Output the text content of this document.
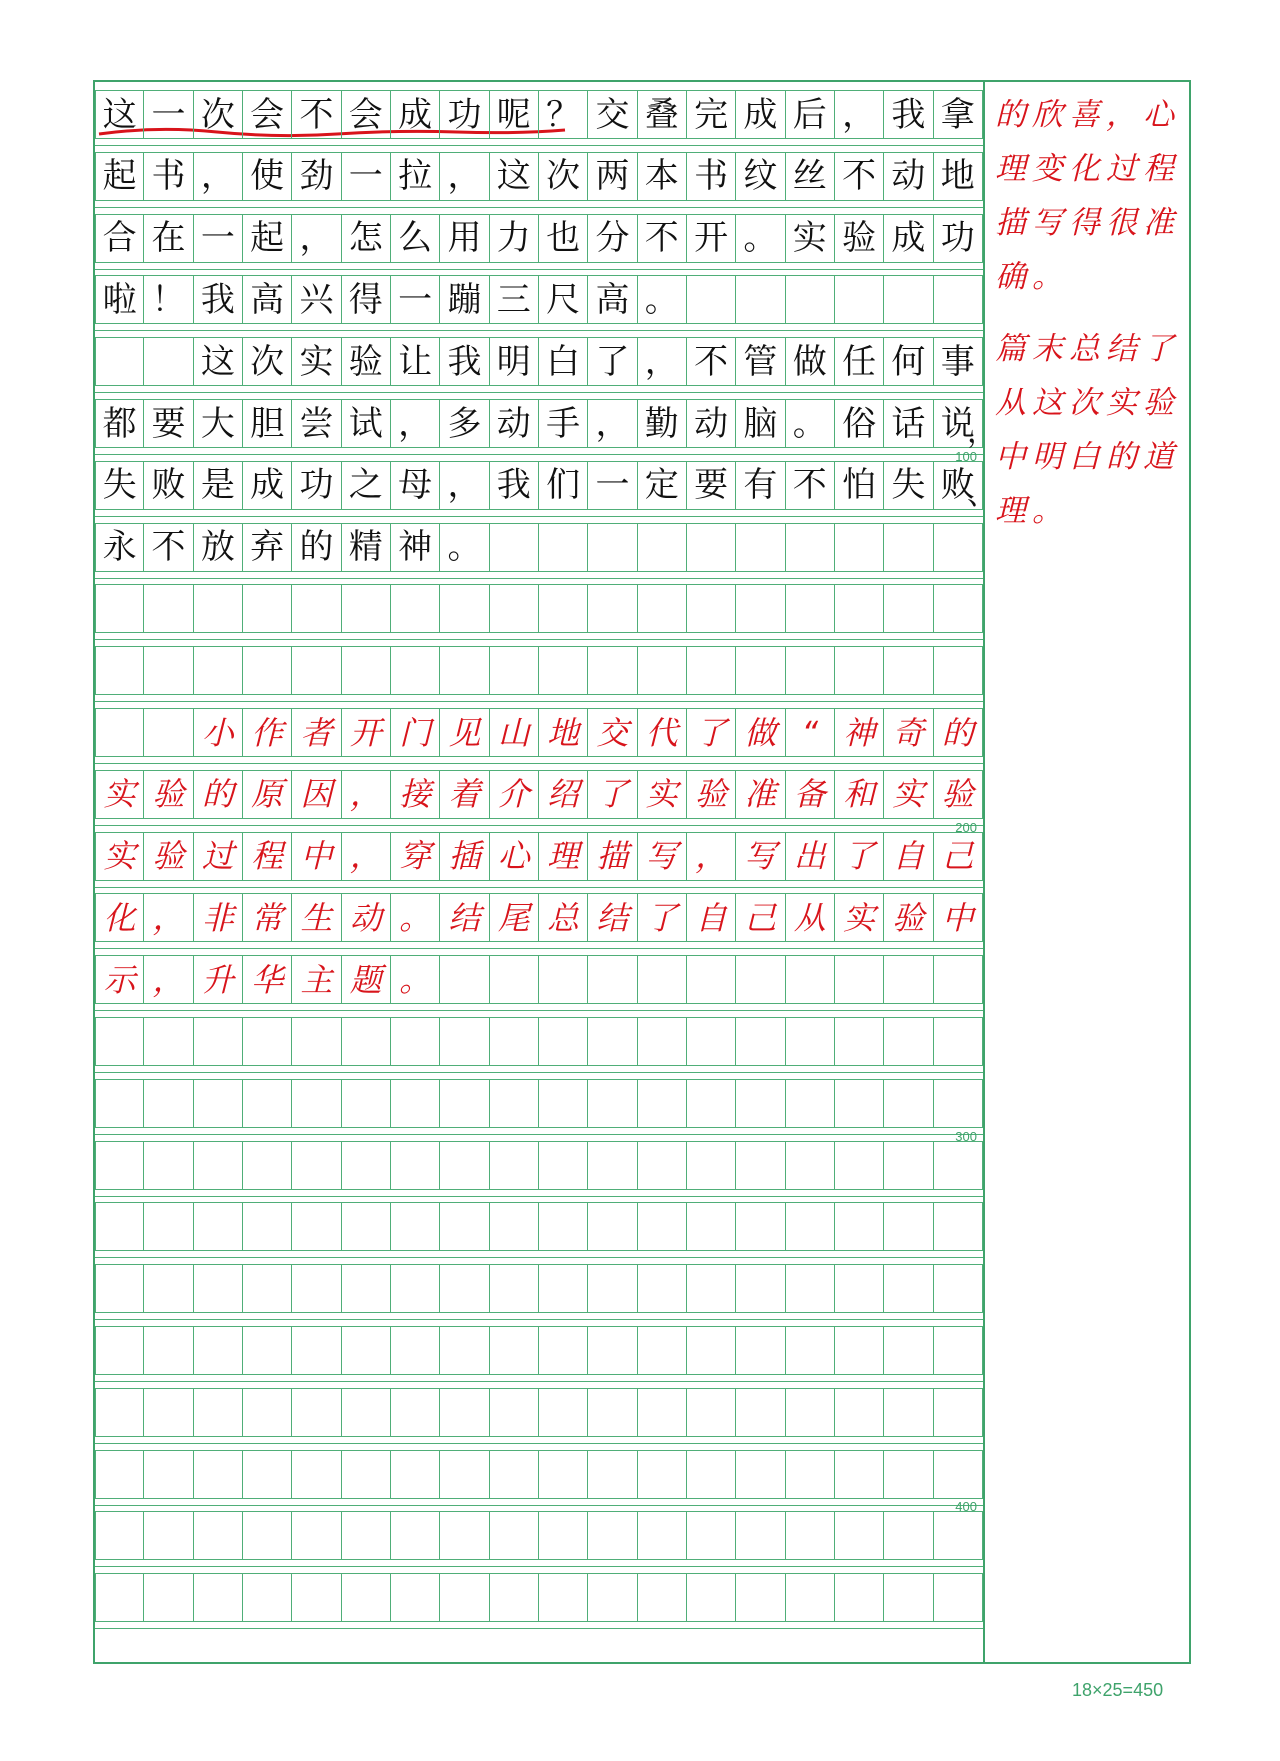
这 一 次 会 不 会 成 功 呢 ？ 交 叠 完 成 后 ， 我 拿
起 书 ， 使 劲 一 拉 ， 这 次 两 本 书 纹 丝 不 动 地
合 在 一 起 ， 怎 么 用 力 也 分 不 开 。 实 验 成 功
啦 ！ 我 高 兴 得 一 蹦 三 尺 高 。
这 次 实 验 让 我 明 白 了 ， 不 管 做 任 何 事
都 要 大 胆 尝 试 ， 多 动 手 ， 勤 动 脑 。 俗 话 说
失 败 是 成 功 之 母 ， 我 们 一 定 要 有 不 怕 失 败
永 不 放 弃 的 精 神 。
小 作 者 开 门 见 山 地 交 代 了 做 “ 神 奇 的
实 验 的 原 因 ， 接 着 介 绍 了 实 验 准 备 和 实 验
实 验 过 程 中 ， 穿 插 心 理 描 写 ， 写 出 了 自 己
化 ， 非 常 生 动 。 结 尾 总 结 了 自 己 从 实 验 中
示 ， 升 华 主 题 。
，
、
100
200
300
400
的欣喜，心理变化过程描写得很准确。
篇末总结了从这次实验中明白的道理。
18×25=450
